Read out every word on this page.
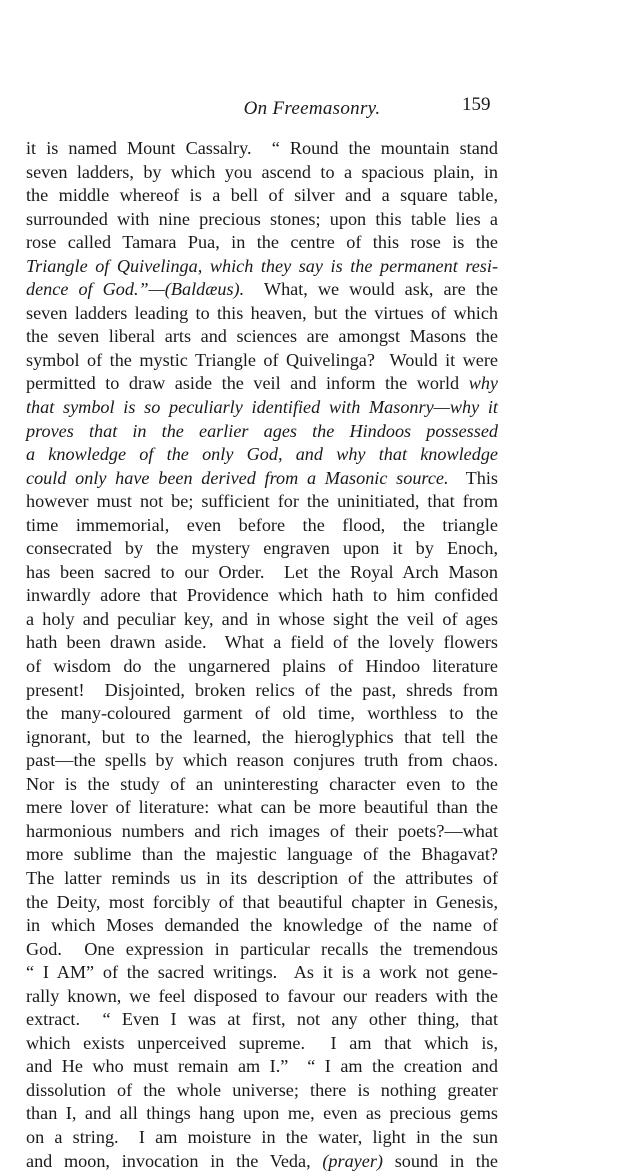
On Freemasonry.	159
it is named Mount Cassalry.  “ Round the mountain stand
seven ladders, by which you ascend to a spacious plain, in
the middle whereof is a bell of silver and a square table,
surrounded with nine precious stones; upon this table lies a
rose called Tamara Pua, in the centre of this rose is the
Triangle of Quivelinga, which they say is the permanent resi-
dence of God.”—(Baldæus).  What, we would ask, are the
seven ladders leading to this heaven, but the virtues of which
the seven liberal arts and sciences are amongst Masons the
symbol of the mystic Triangle of Quivelinga?  Would it were
permitted to draw aside the veil and inform the world why
that symbol is so peculiarly identified with Masonry—why it
proves that in the earlier ages the Hindoos possessed
a knowledge of the only God, and why that knowledge
could only have been derived from a Masonic source.  This
however must not be; sufficient for the uninitiated, that from
time immemorial, even before the flood, the triangle
consecrated by the mystery engraven upon it by Enoch,
has been sacred to our Order.  Let the Royal Arch Mason
inwardly adore that Providence which hath to him confided
a holy and peculiar key, and in whose sight the veil of ages
hath been drawn aside.  What a field of the lovely flowers
of wisdom do the ungarnered plains of Hindoo literature
present!  Disjointed, broken relics of the past, shreds from
the many-coloured garment of old time, worthless to the
ignorant, but to the learned, the hieroglyphics that tell the
past—the spells by which reason conjures truth from chaos.
Nor is the study of an uninteresting character even to the
mere lover of literature: what can be more beautiful than the
harmonious numbers and rich images of their poets?—what
more sublime than the majestic language of the Bhagavat?
The latter reminds us in its description of the attributes of
the Deity, most forcibly of that beautiful chapter in Genesis,
in which Moses demanded the knowledge of the name of
God.  One expression in particular recalls the tremendous
“ I AM” of the sacred writings.  As it is a work not gene-
rally known, we feel disposed to favour our readers with the
extract.  “ Even I was at first, not any other thing, that
which exists unperceived supreme.  I am that which is,
and He who must remain am I.”  “ I am the creation and
dissolution of the whole universe; there is nothing greater
than I, and all things hang upon me, even as precious gems
on a string.  I am moisture in the water, light in the sun
and moon, invocation in the Veda, (prayer) sound in the
